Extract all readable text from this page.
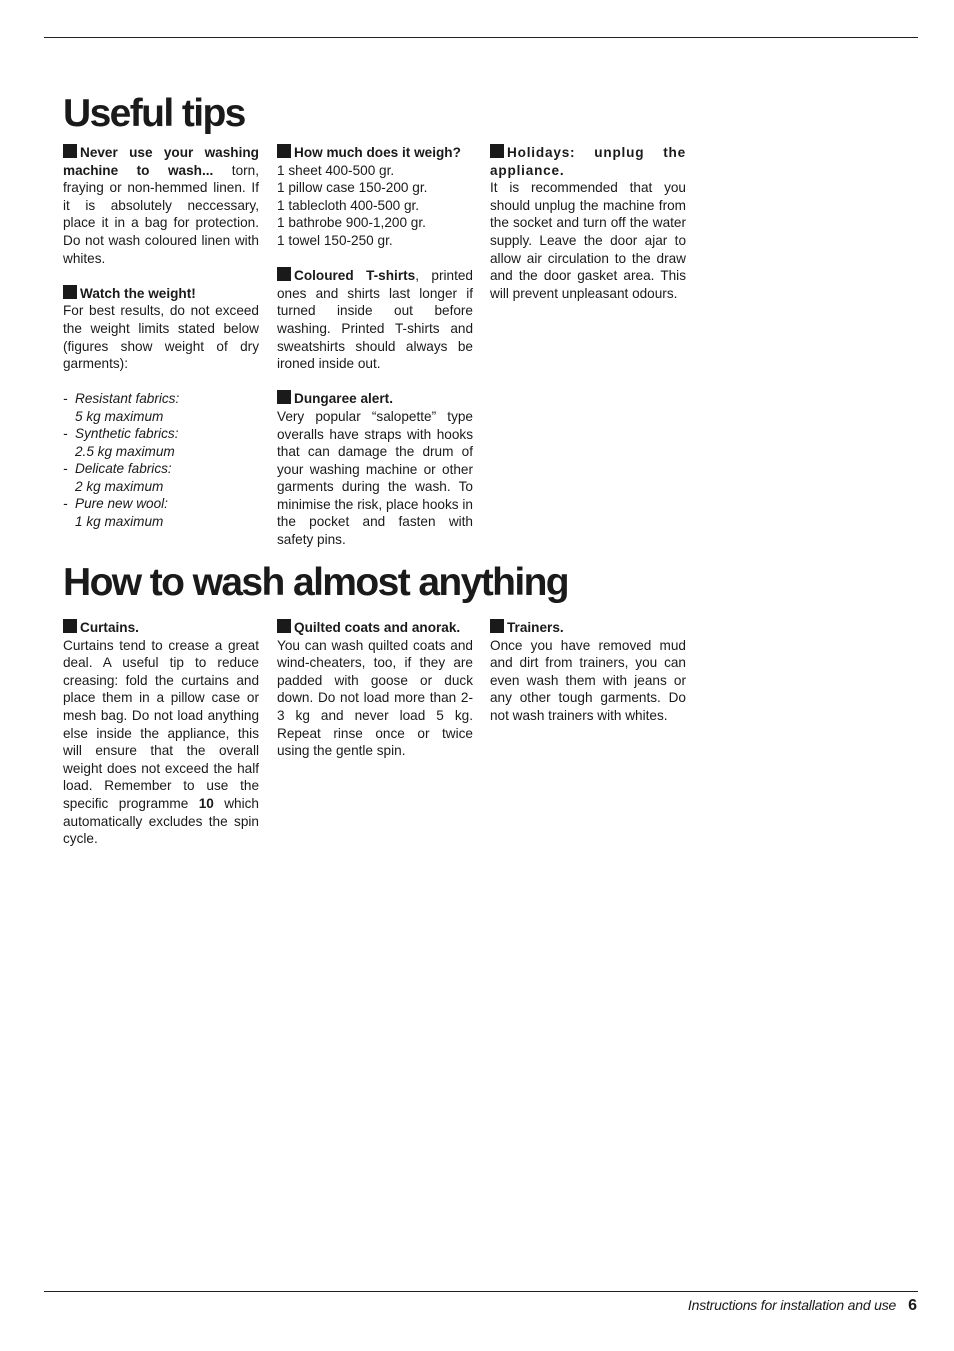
Useful tips
Never use your washing machine to wash... torn, fraying or non-hemmed linen. If it is absolutely neccessary, place it in a bag for protection. Do not wash coloured linen with whites.
Watch the weight!
For best results, do not exceed the weight limits stated below (figures show weight of dry garments):
- Resistant fabrics:
5 kg maximum
- Synthetic fabrics:
2.5 kg maximum
- Delicate fabrics:
2 kg maximum
- Pure new wool:
1 kg maximum
How much does it weigh?
1 sheet 400-500 gr.
1 pillow case 150-200 gr.
1 tablecloth 400-500 gr.
1 bathrobe 900-1,200 gr.
1 towel 150-250 gr.
Coloured T-shirts, printed ones and shirts last longer if turned inside out before washing. Printed T-shirts and sweatshirts should always be ironed inside out.
Dungaree alert.
Very popular “salopette” type overalls have straps with hooks that can damage the drum of your washing machine or other garments during the wash. To minimise the risk, place hooks in the pocket and fasten with safety pins.
Holidays: unplug the appliance.
It is recommended that you should unplug the machine from the socket and turn off the water supply. Leave the door ajar to allow air circulation to the draw and the door gasket area. This will prevent unpleasant odours.
How to wash almost anything
Curtains.
Curtains tend to crease a great deal. A useful tip to reduce creasing: fold the curtains and place them in a pillow case or mesh bag. Do not load anything else inside the appliance, this will ensure that the overall weight does not exceed the half load. Remember to use the specific programme 10 which automatically excludes the spin cycle.
Quilted coats and anorak.
You can wash quilted coats and wind-cheaters, too, if they are padded with goose or duck down. Do not load more than 2-3 kg and never load 5 kg. Repeat rinse once or twice using the gentle spin.
Trainers.
Once you have removed mud and dirt from trainers, you can even wash them with jeans or any other tough garments. Do not wash trainers with whites.
Instructions for installation and use 6
